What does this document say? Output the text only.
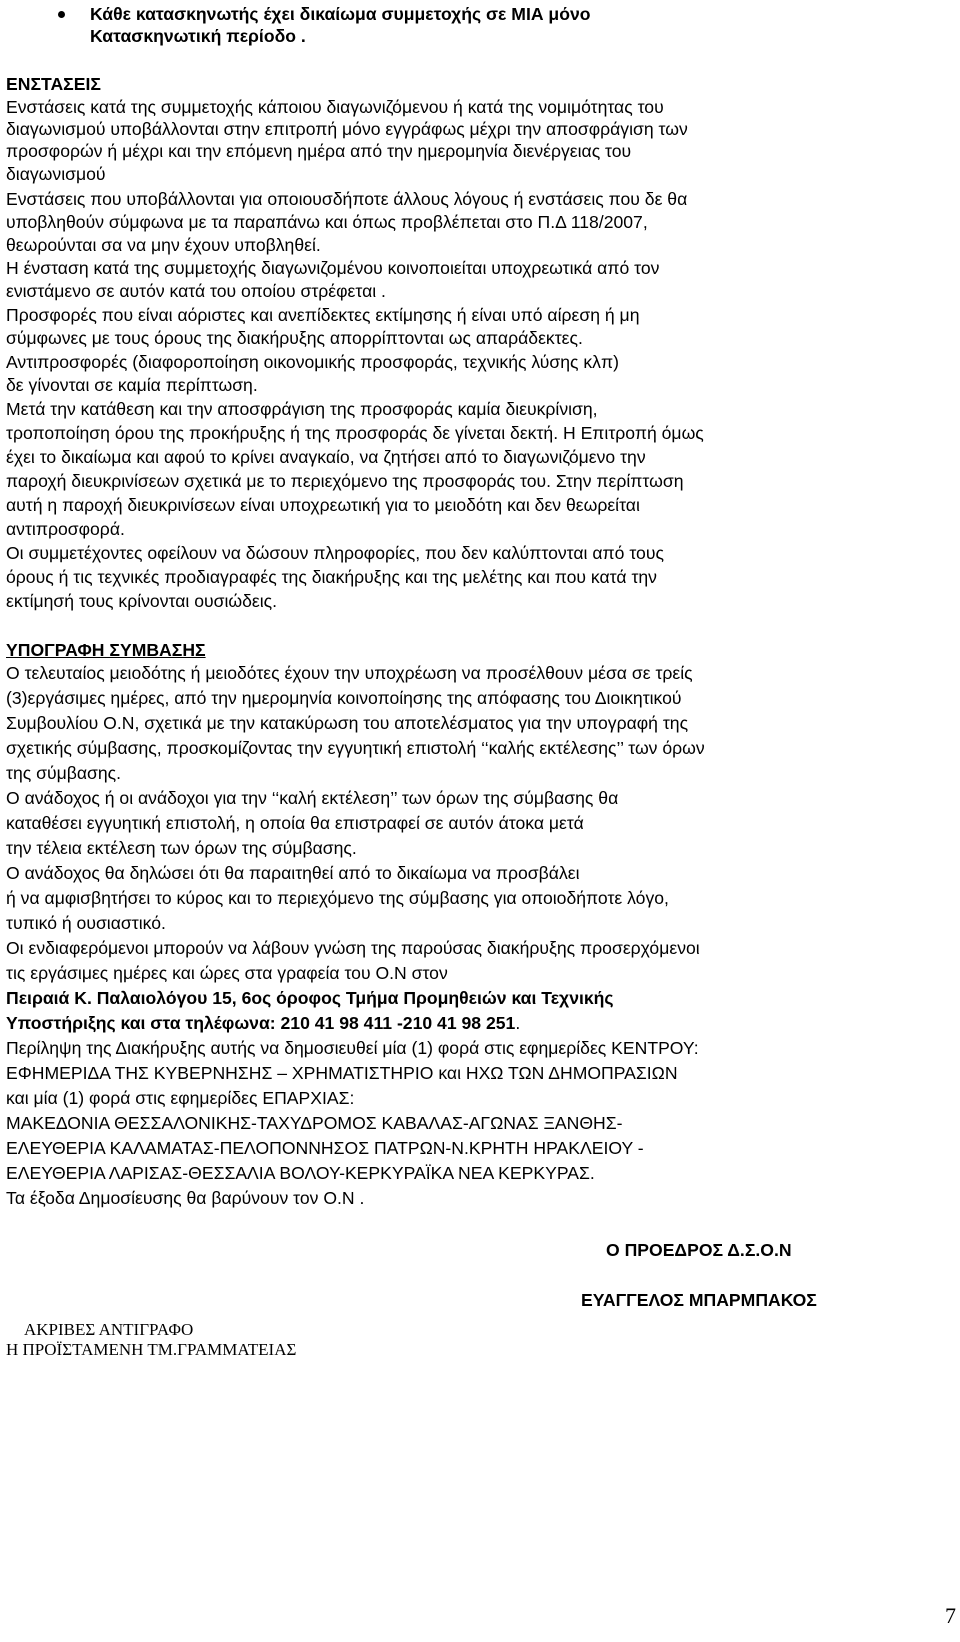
Κάθε κατασκηνωτής έχει δικαίωμα συμμετοχής σε ΜΙΑ μόνο
Κατασκηνωτική περίοδο .
ΕΝΣΤΑΣΕΙΣ
Ενστάσεις κατά της συμμετοχής κάποιου διαγωνιζόμενου ή κατά της νομιμότητας του
διαγωνισμού υποβάλλονται στην επιτροπή μόνο εγγράφως μέχρι την αποσφράγιση των
προσφορών ή μέχρι και την επόμενη ημέρα από την ημερομηνία διενέργειας του
διαγωνισμού
Ενστάσεις που υποβάλλονται για οποιουσδήποτε άλλους λόγους ή ενστάσεις που δε θα
υποβληθούν σύμφωνα με τα παραπάνω και όπως προβλέπεται στο Π.Δ 118/2007,
θεωρούνται σα να μην έχουν υποβληθεί.
Η ένσταση κατά της συμμετοχής διαγωνιζομένου κοινοποιείται υποχρεωτικά από τον
ενιστάμενο σε αυτόν κατά του οποίου στρέφεται .
Προσφορές που είναι αόριστες και ανεπίδεκτες εκτίμησης ή είναι υπό αίρεση ή μη
σύμφωνες με τους όρους της διακήρυξης απορρίπτονται ως απαράδεκτες.
Αντιπροσφορές (διαφοροποίηση οικονομικής προσφοράς, τεχνικής λύσης κλπ)
δε γίνονται σε καμία περίπτωση.
Μετά την κατάθεση και την αποσφράγιση της προσφοράς καμία διευκρίνιση,
τροποποίηση όρου της προκήρυξης ή της προσφοράς δε γίνεται δεκτή. Η Επιτροπή όμως
έχει το δικαίωμα και αφού το κρίνει αναγκαίο, να ζητήσει από το διαγωνιζόμενο την
παροχή διευκρινίσεων σχετικά με το περιεχόμενο της προσφοράς του. Στην περίπτωση
αυτή η παροχή διευκρινίσεων είναι υποχρεωτική για το μειοδότη και δεν θεωρείται
αντιπροσφορά.
Οι συμμετέχοντες οφείλουν να δώσουν πληροφορίες, που δεν καλύπτονται από τους
όρους ή τις τεχνικές προδιαγραφές της διακήρυξης και της μελέτης και που κατά την
εκτίμησή τους κρίνονται ουσιώδεις.
ΥΠΟΓΡΑΦΗ ΣΥΜΒΑΣΗΣ
Ο τελευταίος μειοδότης ή μειοδότες έχουν την υποχρέωση να προσέλθουν μέσα σε τρείς
(3)εργάσιμες ημέρες, από την ημερομηνία κοινοποίησης της απόφασης του Διοικητικού
Συμβουλίου Ο.Ν, σχετικά με την κατακύρωση του αποτελέσματος για την υπογραφή της
σχετικής σύμβασης, προσκομίζοντας την εγγυητική επιστολή ‘‘καλής εκτέλεσης’’ των όρων
της σύμβασης.
Ο ανάδοχος ή οι ανάδοχοι για την ‘‘καλή εκτέλεση’’ των όρων της σύμβασης θα
καταθέσει εγγυητική επιστολή, η οποία θα επιστραφεί σε αυτόν άτοκα μετά
την τέλεια εκτέλεση των όρων της σύμβασης.
Ο ανάδοχος θα δηλώσει ότι θα παραιτηθεί από το δικαίωμα να προσβάλει
ή να αμφισβητήσει το κύρος και το περιεχόμενο της σύμβασης για οποιοδήποτε λόγο,
τυπικό ή ουσιαστικό.
Οι ενδιαφερόμενοι μπορούν να λάβουν γνώση της παρούσας διακήρυξης προσερχόμενοι
τις εργάσιμες ημέρες και ώρες στα γραφεία του Ο.Ν στον
Πειραιά Κ. Παλαιολόγου 15, 6ος όροφος Τμήμα Προμηθειών και Τεχνικής
Υποστήριξης και στα τηλέφωνα: 210 41 98 411 -210 41 98 251.
Περίληψη της Διακήρυξης αυτής να δημοσιευθεί μία (1) φορά στις εφημερίδες ΚΕΝΤΡΟΥ:
ΕΦΗΜΕΡΙΔΑ ΤΗΣ ΚΥΒΕΡΝΗΣΗΣ – ΧΡΗΜΑΤΙΣΤΗΡΙΟ και ΗΧΩ ΤΩΝ ΔΗΜΟΠΡΑΣΙΩΝ
και μία (1) φορά στις εφημερίδες ΕΠΑΡΧΙΑΣ:
ΜΑΚΕΔΟΝΙΑ ΘΕΣΣΑΛΟΝΙΚΗΣ-ΤΑΧΥΔΡΟΜΟΣ ΚΑΒΑΛΑΣ-ΑΓΩΝΑΣ ΞΑΝΘΗΣ-
ΕΛΕΥΘΕΡΙΑ ΚΑΛΑΜΑΤΑΣ-ΠΕΛΟΠΟΝΝΗΣΟΣ ΠΑΤΡΩΝ-Ν.ΚΡΗΤΗ ΗΡΑΚΛΕΙΟΥ -
ΕΛΕΥΘΕΡΙΑ ΛΑΡΙΣΑΣ-ΘΕΣΣΑΛΙΑ ΒΟΛΟΥ-ΚΕΡΚΥΡΑΪΚΑ ΝΕΑ ΚΕΡΚΥΡΑΣ.
Τα έξοδα Δημοσίευσης θα βαρύνουν τον Ο.Ν .
Ο ΠΡΟΕΔΡΟΣ Δ.Σ.Ο.Ν
ΕΥΑΓΓΕΛΟΣ ΜΠΑΡΜΠΑΚΟΣ
ΑΚΡΙΒΕΣ ΑΝΤΙΓΡΑΦΟ
Η ΠΡΟΪΣΤΑΜΕΝΗ ΤΜ.ΓΡΑΜΜΑΤΕΙΑΣ
7
